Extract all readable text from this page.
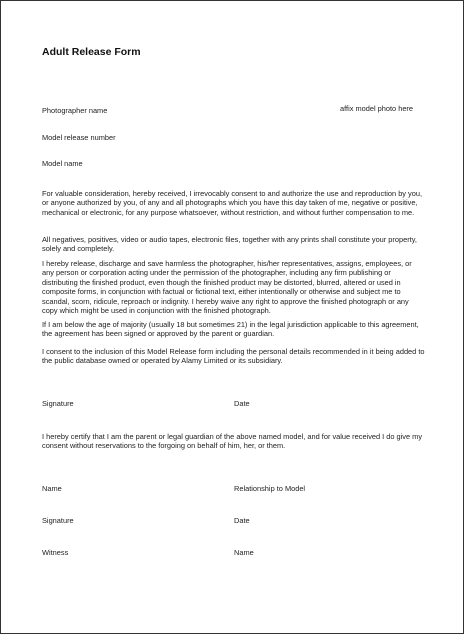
Adult Release Form
affix model photo here
Photographer name
Model release number
Model name
For valuable consideration, hereby received, I irrevocably consent to and authorize the use and reproduction by you, or anyone authorized by you, of any and all photographs which you have this day taken of me, negative or positive, mechanical or electronic, for any purpose whatsoever, without restriction, and without further compensation to me.
All negatives, positives, video or audio tapes, electronic files, together with any prints shall constitute your property, solely and completely.
I hereby release, discharge and save harmless the photographer, his/her representatives, assigns, employees, or any person or corporation acting under the permission of the photographer, including any firm publishing or distributing the finished product, even though the finished product may be distorted, blurred, altered or used in composite forms, in conjunction with factual or fictional text, either intentionally or otherwise and subject me to scandal, scorn, ridicule, reproach or indignity. I hereby waive any right to approve the finished photograph or any copy which might be used in conjunction with the finished photograph.
If I am below the age of majority (usually 18 but sometimes 21) in the legal jurisdiction applicable to this agreement, the agreement has been signed or approved by the parent or guardian.
I consent to the inclusion of this Model Release form including the personal details recommended in it being added to the public database owned or operated by Alamy Limited or its subsidiary.
Signature	Date
I hereby certify that I am the parent or legal guardian of the above named model, and for value received I do give my consent without reservations to the forgoing on behalf of him, her, or them.
Name	Relationship to Model
Signature	Date
Witness	Name
